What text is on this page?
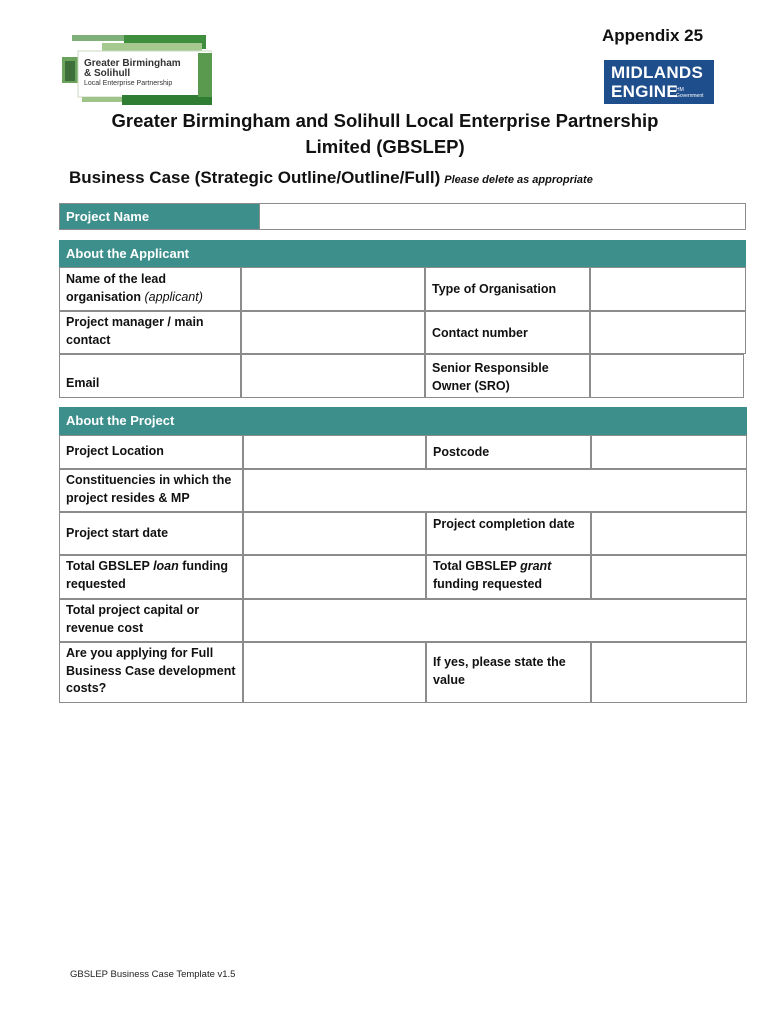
Appendix 25
Greater Birmingham
& Solihull
Local Enterprise Partnership
MIDLANDS
ENGINE
HM Government
Greater Birmingham and Solihull Local Enterprise Partnership
Limited (GBSLEP)
Business Case (Strategic Outline/Outline/Full) Please delete as appropriate
Project Name
About the Applicant
Name of the lead organisation (applicant)
Type of Organisation
Project manager / main contact	Contact number
Email
Senior Responsible Owner (SRO)
About the Project
Project Location	Postcode
Constituencies in which the project resides & MP
Project start date
Project completion date
Total GBSLEP loan funding requested
Total GBSLEP grant funding requested
Total project capital or revenue cost
Are you applying for Full Business Case development costs?
If yes, please state the value
GBSLEP Business Case Template v1.5
